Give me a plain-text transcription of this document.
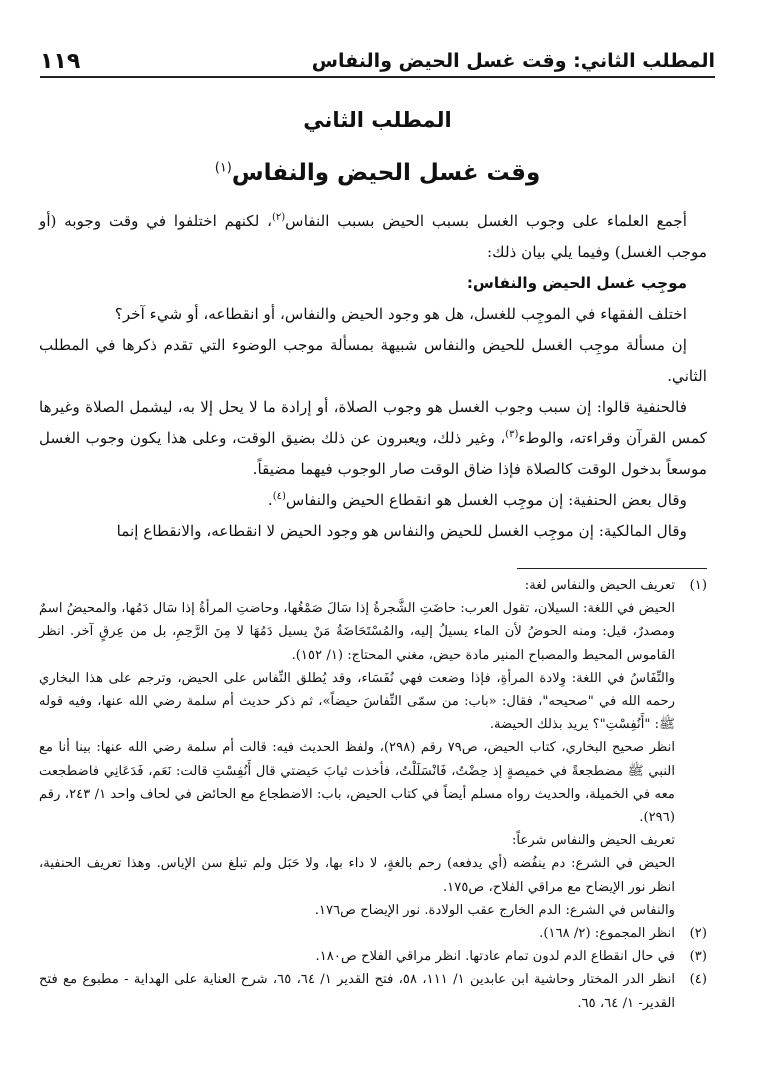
المطلب الثاني: وقت غسل الحيض والنفاس
١١٩
المطلب الثاني
وقت غسل الحيض والنفاس$^{(١)}$

أجمع العلماء على وجوب الغسل بسبب الحيض بسبب النفاس$^{(٢)}$، لكنهم اختلفوا في وقت وجوبه (أو موجب الغسل) وفيما يلي بيان ذلك:

موجِب غسل الحيض والنفاس:

اختلف الفقهاء في الموجِب للغسل، هل هو وجود الحيض والنفاس، أو انقطاعه، أو شيء آخر؟

إن مسألة موجِب الغسل للحيض والنفاس شبيهة بمسألة موجب الوضوء التي تقدم ذكرها في المطلب الثاني.

فالحنفية قالوا: إن سبب وجوب الغسل هو وجوب الصلاة، أو إرادة ما لا يحل إلا به، ليشمل الصلاة وغيرها كمس القرآن وقراءته، والوطء$^{(٣)}$، وغير ذلك، ويعبرون عن ذلك بضيق الوقت، وعلى هذا يكون وجوب الغسل موسعاً بدخول الوقت كالصلاة فإذا ضاق الوقت صار الوجوب فيهما مضيقاً.

وقال بعض الحنفية: إن موجِب الغسل هو انقطاع الحيض والنفاس$^{(٤)}$.

وقال المالكية: إن موجِب الغسل للحيض والنفاس هو وجود الحيض لا انقطاعه، والانقطاع إنما

(١)

تعريف الحيض والنفاس لغة:

الحيض في اللغة: السيلان، تقول العرب: حاضَتِ الشَّجرةُ إذا سَالَ صَمْغُها، وحاضتِ المرأةُ إذا سَال دَمُها، والمحيضُ اسمٌ ومصدرٌ، قيل: ومنه الحوضُ لأن الماء يسيلُ إليه، والمُسْتَحَاضَةُ مَنْ يسيل دَمُهَا لا مِنَ الرَّحِمِ، بل من عِرقٍ آخر. انظر القاموس المحيط والمصباح المنير مادة حيض، مغني المحتاج: (١/ ١٥٢).

والنِّفَاسُ في اللغة: وِلادة المرأةِ، فإذا وضعت فهي نُفَسَاء، وقد يُطلق النِّفاس على الحيض، وترجم على هذا البخاري رحمه الله في "صحيحه"، فقال: «باب: من سمّى النِّفاسَ حيضاً»، ثم ذكر حديث أم سلمة رضي الله عنها، وفيه قوله ﷺ: "أَنُفِسْتِ"؟ يريد بذلك الحيضة.

انظر صحيح البخاري، كتاب الحيض، ص٧٩ رقم (٢٩٨)، ولفظ الحديث فيه: قالت أم سلمة رضي الله عنها: بينا أنا مع النبي ﷺ مضطجعةً في خميصةٍ إذ حِضْتُ، فَانْسَلَلْتُ، فأخذت ثيابَ حَيضتي قال أَنُفِسْتِ قالت: نَعَم، فَدَعَانِي فاضطجعت معه في الخميلة، والحديث رواه مسلم أيضاً في كتاب الحيض، باب: الاضطجاع مع الحائض في لحاف واحد ١/ ٢٤٣، رقم (٢٩٦).

تعريف الحيض والنفاس شرعاً:

الحيض في الشرع: دم ينفُضه (أي يدفعه) رحم بالغةٍ، لا داء بها، ولا حَبَل ولم تبلغ سن الإياس. وهذا تعريف الحنفية، انظر نور الإيضاح مع مراقي الفلاح، ص١٧٥.

والنفاس في الشرع: الدم الخارج عقب الولادة. نور الإيضاح ص١٧٦.

(٢)
انظر المجموع: (٢/ ١٦٨).
(٣)
في حال انقطاع الدم لدون تمام عادتها. انظر مراقي الفلاح ص١٨٠.
(٤)
انظر الدر المختار وحاشية ابن عابدين ١/ ١١١، ٥٨، فتح القدير ١/ ٦٤، ٦٥، شرح العناية على الهداية - مطبوع مع فتح القدير- ١/ ٦٤، ٦٥.
